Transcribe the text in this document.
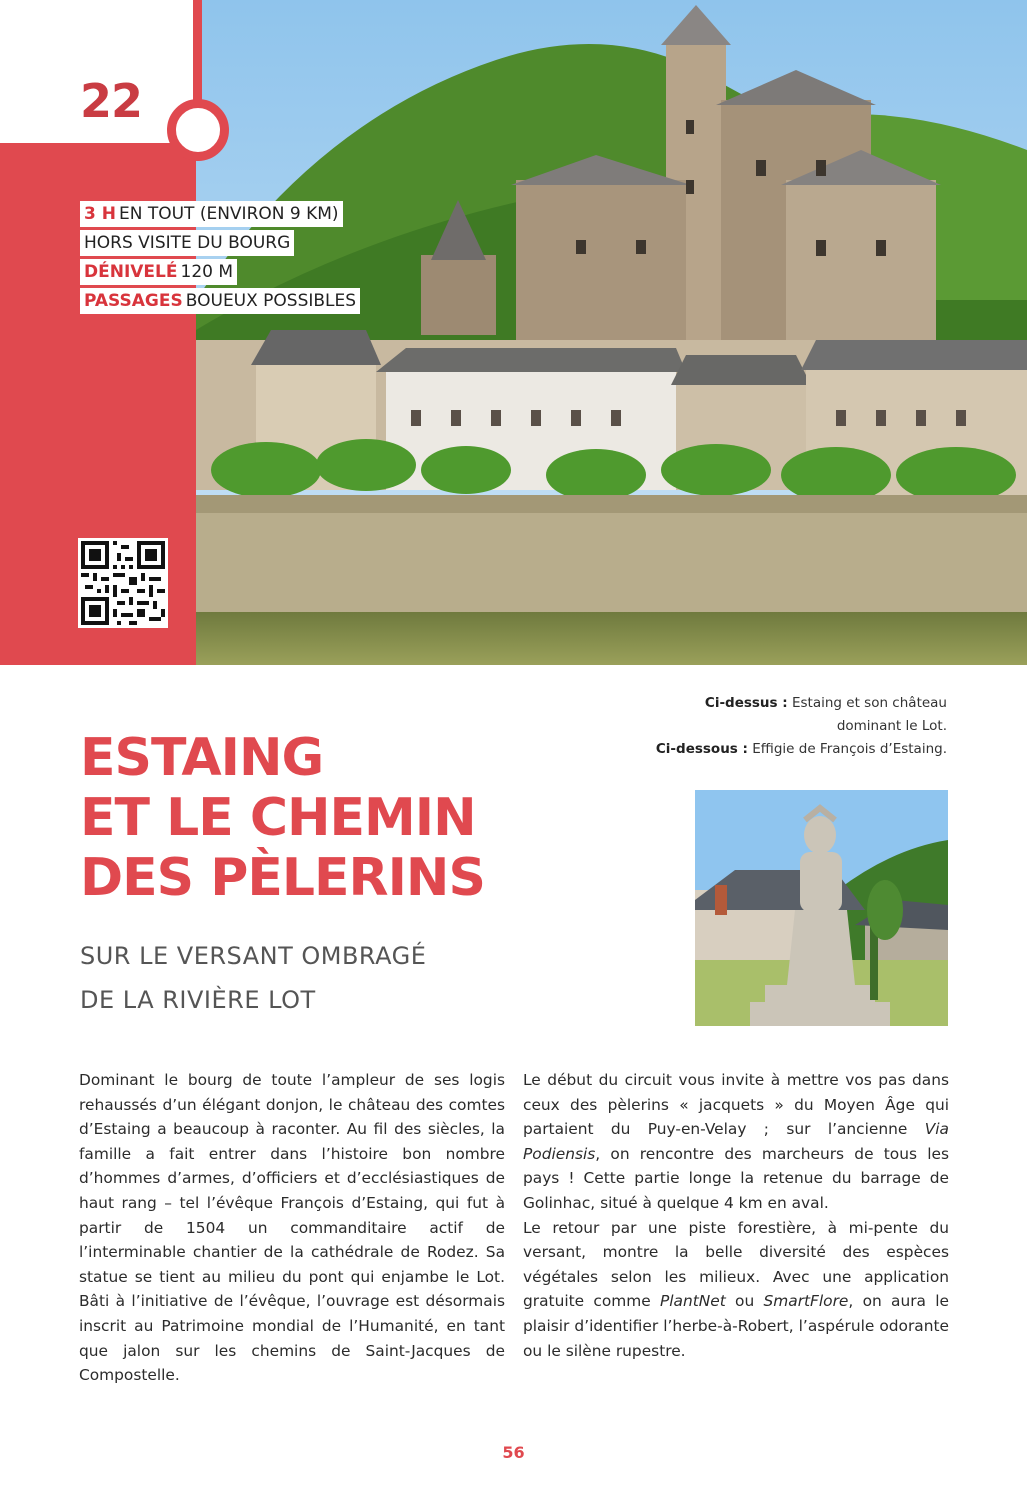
22
3 H EN TOUT (ENVIRON 9 KM)
HORS VISITE DU BOURG
DÉNIVELÉ 120 M
PASSAGES BOUEUX POSSIBLES
Ci-dessus : Estaing et son château
dominant le Lot.
Ci-dessous : Effigie de François d’Estaing.
ESTAING
ET LE CHEMIN
DES PÈLERINS
SUR LE VERSANT OMBRAGÉ
DE LA RIVIÈRE LOT

Dominant le bourg de toute l’ampleur de ses logis rehaussés d’un élégant donjon, le château des comtes d’Estaing a beaucoup à raconter. Au fil des siècles, la famille a fait entrer dans l’histoire bon nombre d’hommes d’armes, d’officiers et d’ecclésiastiques de haut rang – tel l’évêque François d’Estaing, qui fut à partir de 1504 un commanditaire actif de l’interminable chantier de la cathédrale de Rodez. Sa statue se tient au milieu du pont qui enjambe le Lot. Bâti à l’initiative de l’évêque, l’ouvrage est désormais inscrit au Patrimoine mondial de l’Humanité, en tant que jalon sur les chemins de Saint-Jacques de Compostelle.

Le début du circuit vous invite à mettre vos pas dans ceux des pèlerins « jacquets » du Moyen Âge qui partaient du Puy-en-Velay ; sur l’ancienne Via Podiensis, on rencontre des marcheurs de tous les pays ! Cette partie longe la retenue du barrage de Golinhac, situé à quelque 4 km en aval.

Le retour par une piste forestière, à mi-pente du versant, montre la belle diversité des espèces végétales selon les milieux. Avec une application gratuite comme PlantNet ou SmartFlore, on aura le plaisir d’identifier l’herbe-à-Robert, l’aspérule odorante ou le silène rupestre.

56
